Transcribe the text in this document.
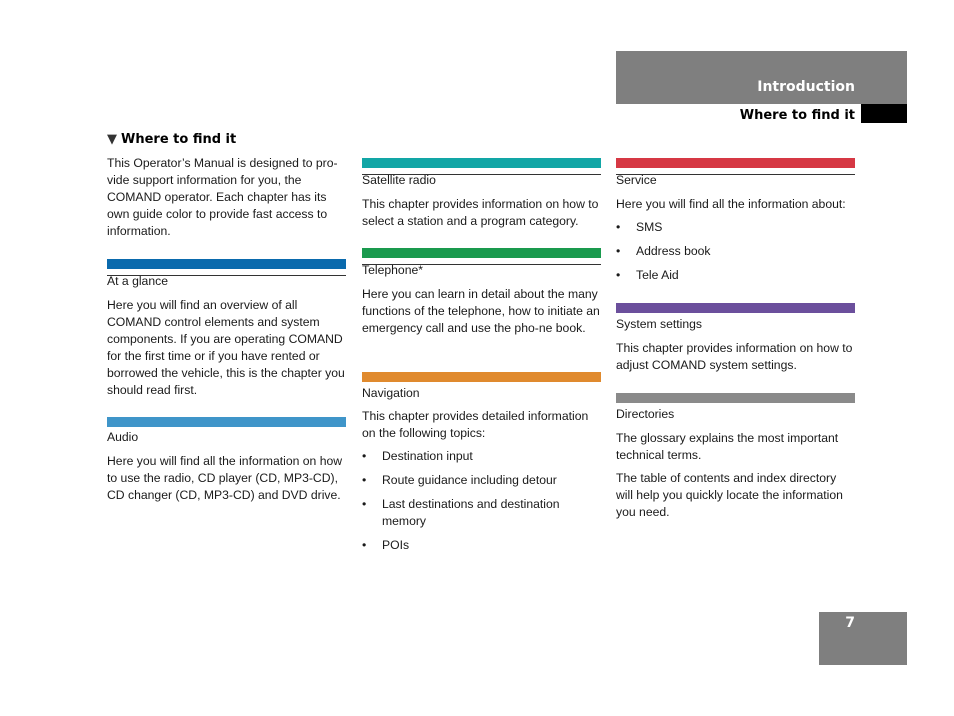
Introduction
Where to find it
▼ Where to find it

This Operator’s Manual is designed to pro-vide support information for you, the COMAND operator. Each chapter has its own guide color to provide fast access to information.

At a glance

Here you will find an overview of all COMAND control elements and system components. If you are operating COMAND for the first time or if you have rented or borrowed the vehicle, this is the chapter you should read first.

Audio

Here you will find all the information on how to use the radio, CD player (CD, MP3-CD), CD changer (CD, MP3-CD) and DVD drive.

Satellite radio

This chapter provides information on how to select a station and a program category.

Telephone*

Here you can learn in detail about the many functions of the telephone, how to initiate an emergency call and use the pho-ne book.

Navigation

This chapter provides detailed information on the following topics:

• Destination input
• Route guidance including detour
• Last destinations and destination memory
• POIs
Service

Here you will find all the information about:

• SMS
• Address book
• Tele Aid
System settings

This chapter provides information on how to adjust COMAND system settings.

Directories

The glossary explains the most important technical terms.

The table of contents and index directory will help you quickly locate the information you need.

7
